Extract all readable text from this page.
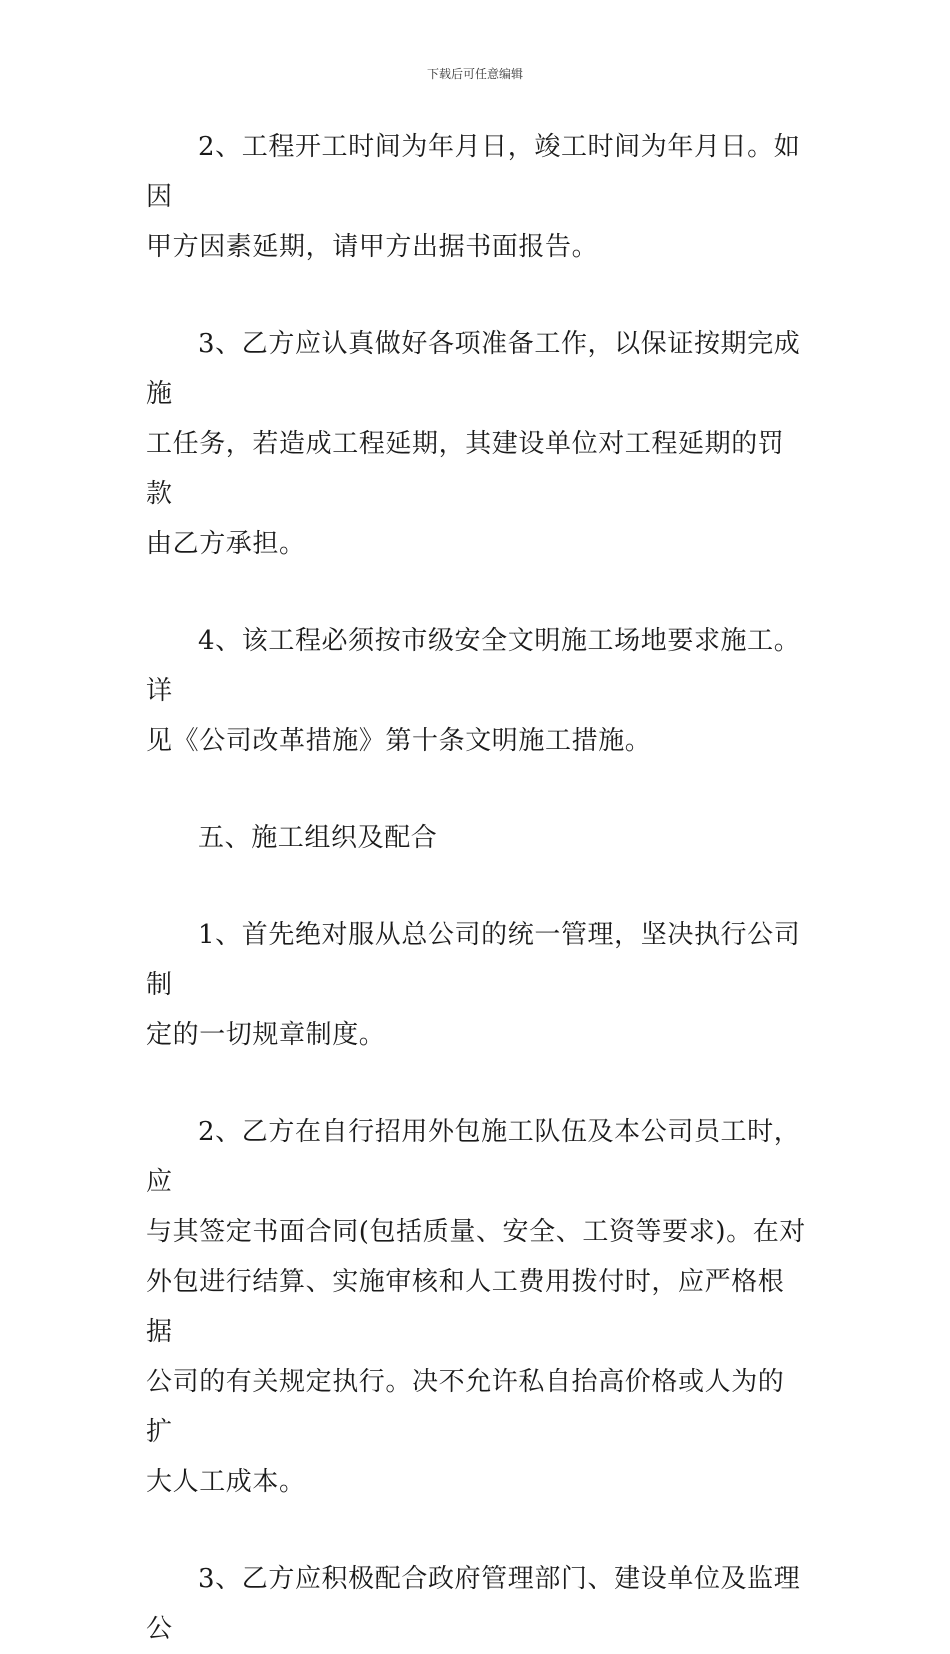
下载后可任意编辑

2、工程开工时间为年月日，竣工时间为年月日。如因
甲方因素延期，请甲方出据书面报告。

3、乙方应认真做好各项准备工作，以保证按期完成施
工任务，若造成工程延期，其建设单位对工程延期的罚款
由乙方承担。

4、该工程必须按市级安全文明施工场地要求施工。详
见《公司改革措施》第十条文明施工措施。

五、施工组织及配合

1、首先绝对服从总公司的统一管理，坚决执行公司制
定的一切规章制度。

2、乙方在自行招用外包施工队伍及本公司员工时，应
与其签定书面合同(包括质量、安全、工资等要求)。在对
外包进行结算、实施审核和人工费用拨付时，应严格根据
公司的有关规定执行。决不允许私自抬高价格或人为的扩
大人工成本。

3、乙方应积极配合政府管理部门、建设单位及监理公
